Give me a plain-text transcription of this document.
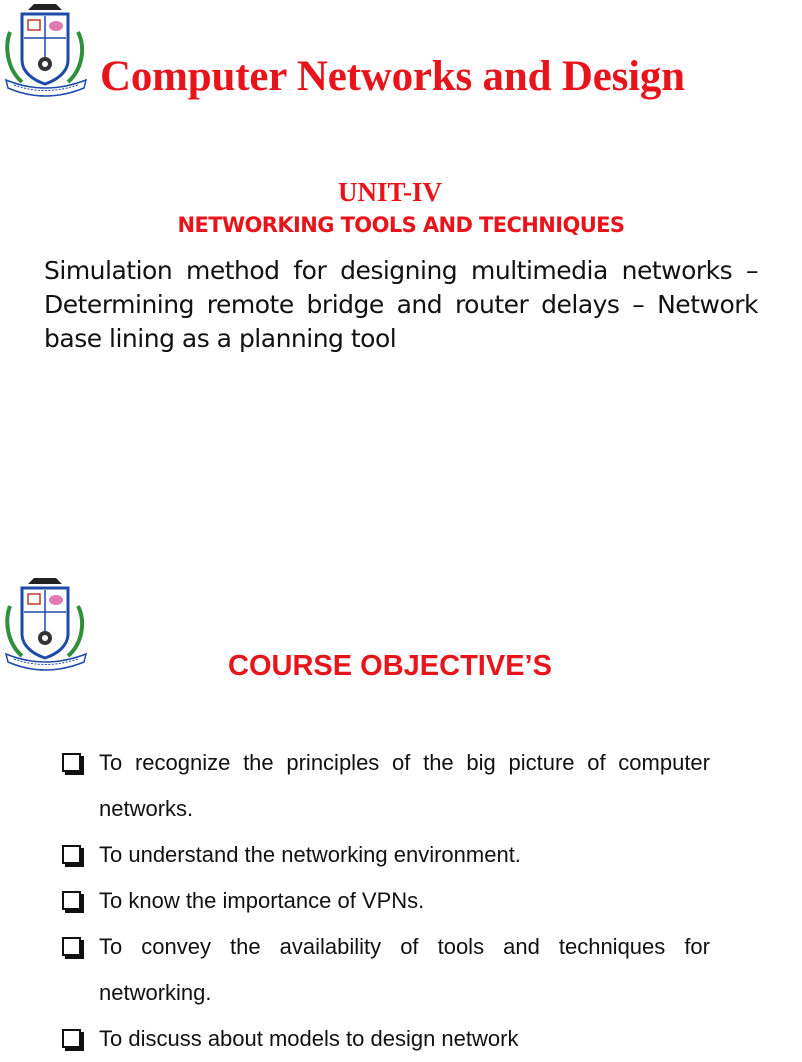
Computer Networks and Design
UNIT-IV
NETWORKING TOOLS AND TECHNIQUES

Simulation method for designing multimedia networks – Determining remote bridge and router delays – Network base lining as a planning tool

COURSE OBJECTIVE’S
To recognize the principles of the big picture of computer networks.
To understand the networking environment.
To know the importance of VPNs.
To convey the availability of tools and techniques for networking.
To discuss about models to design network
